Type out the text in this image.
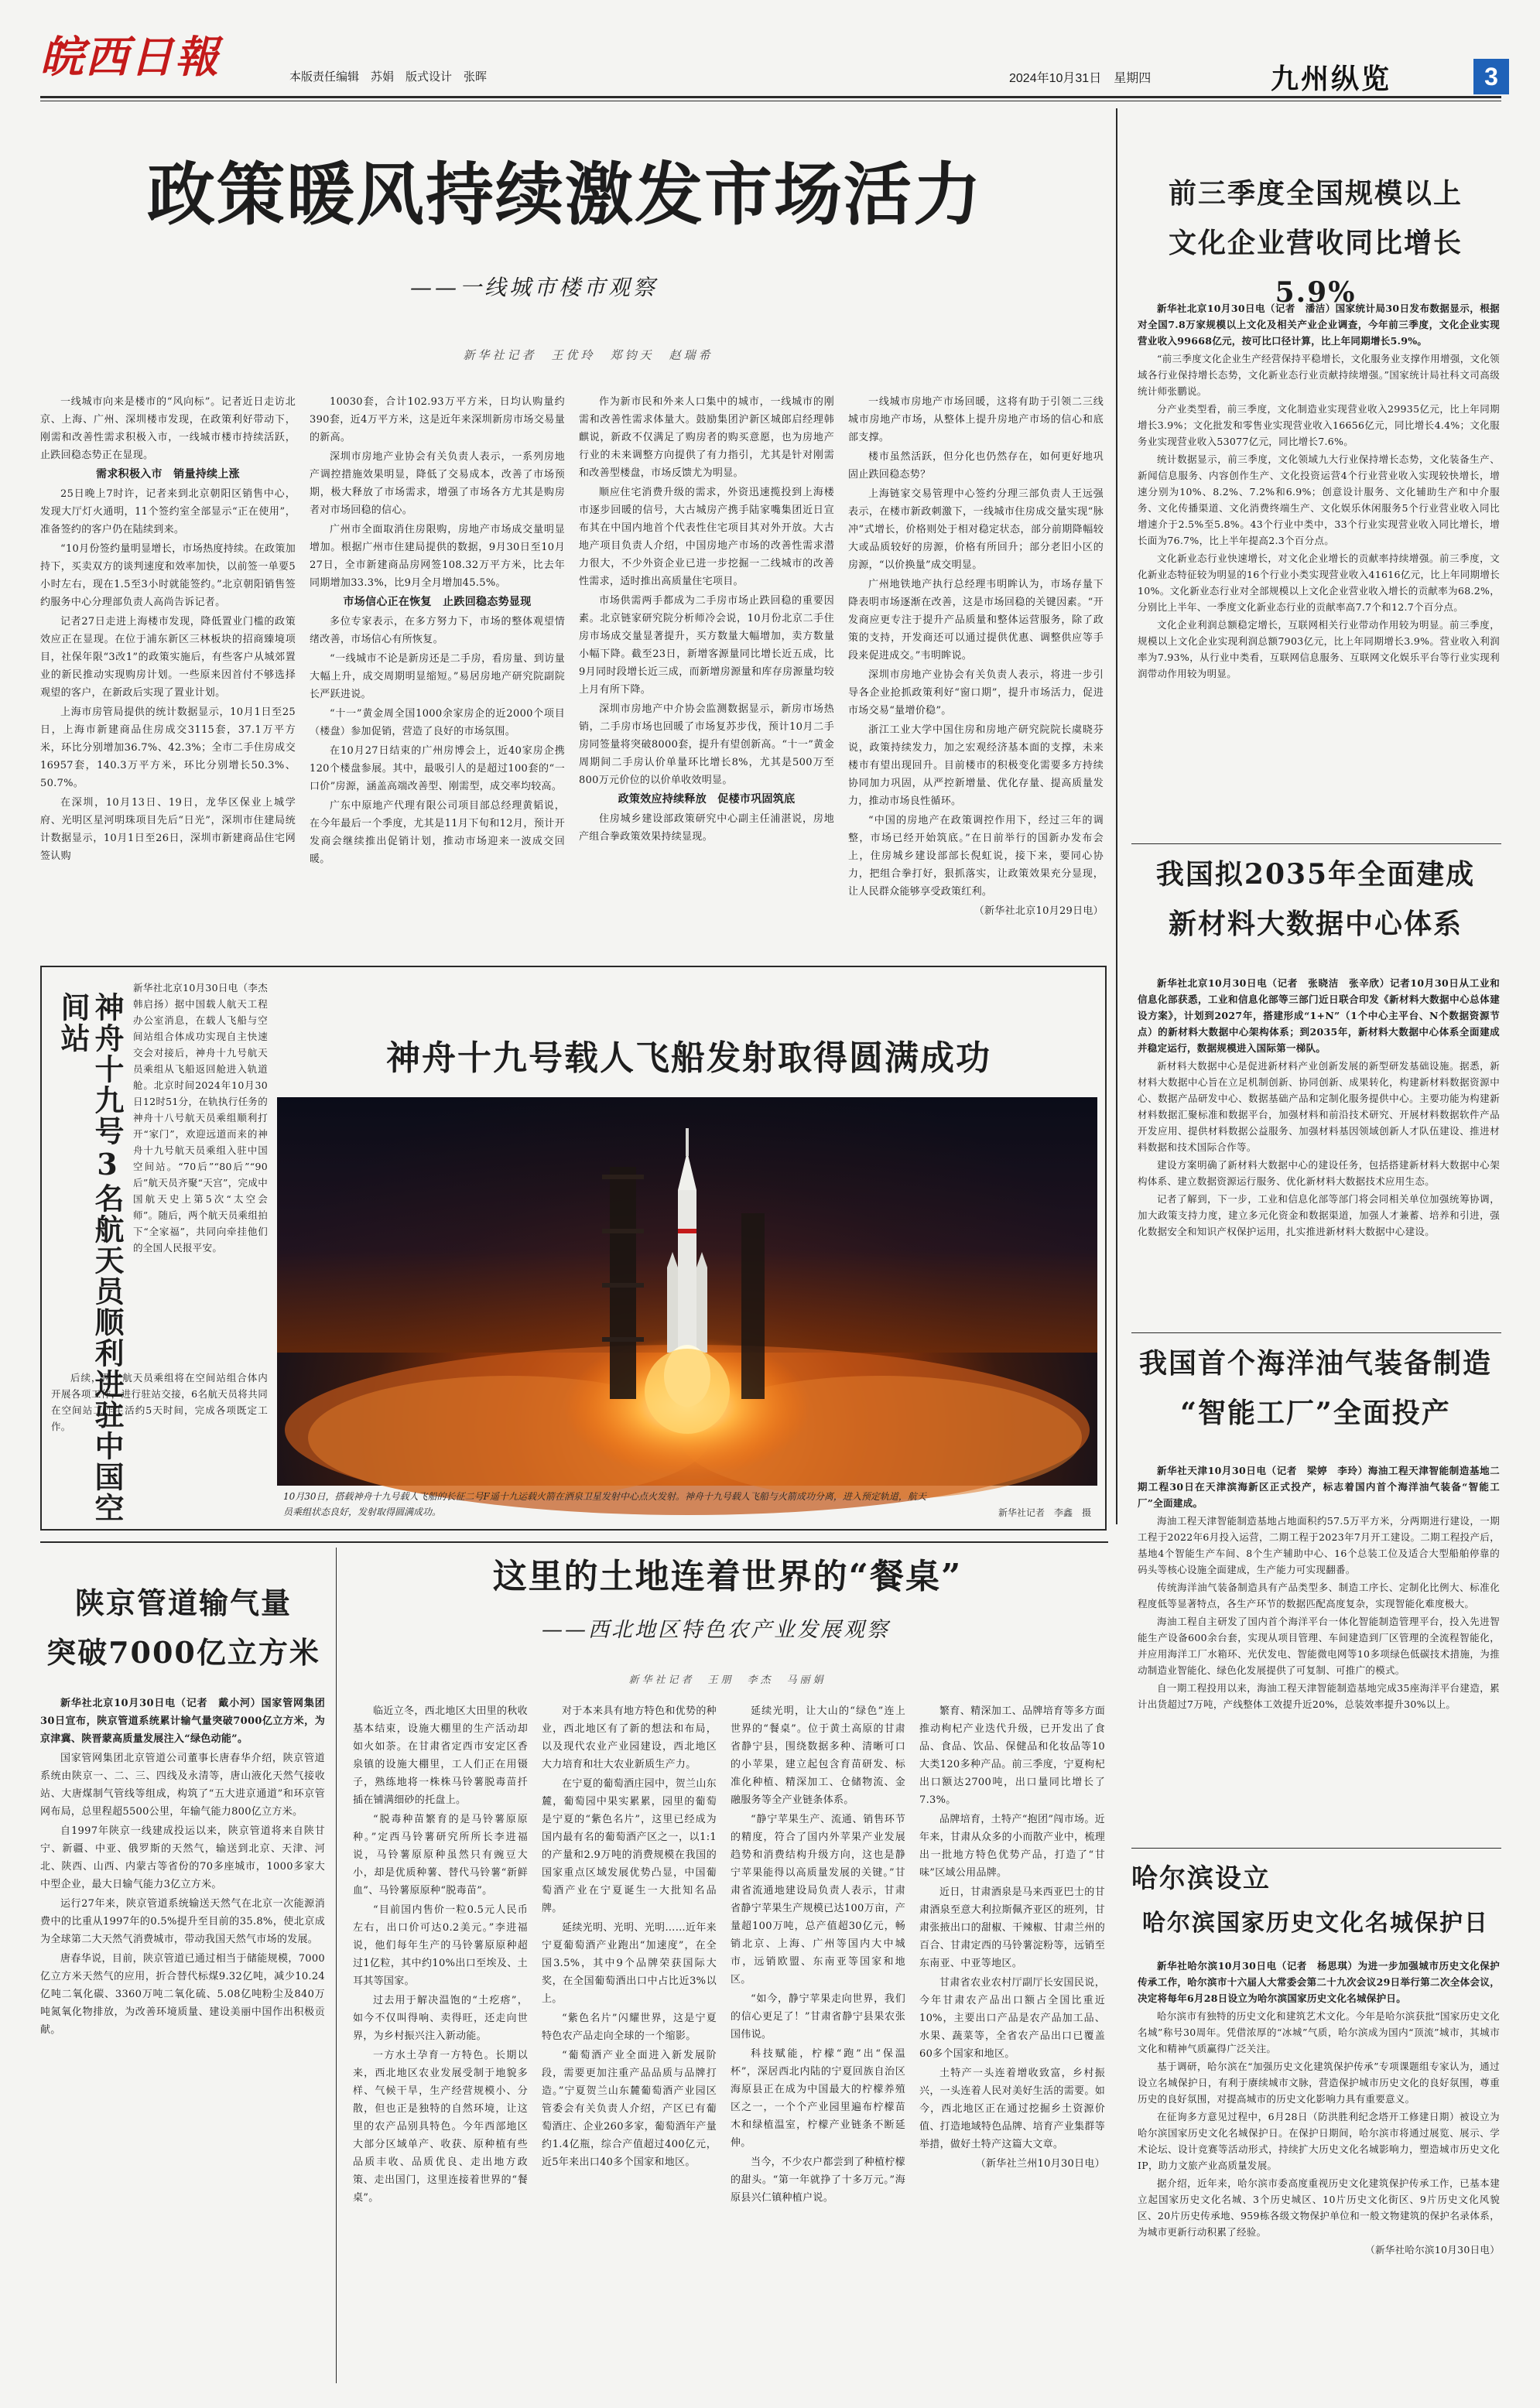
皖西日報	本版责任编辑　苏娟　版式设计　张晖	2024年10月31日　星期四	九州纵览	3
政策暖风持续激发市场活力
——一线城市楼市观察
新华社记者　王优玲　郑钧天　赵瑞希

一线城市向来是楼市的“风向标”。记者近日走访北京、上海、广州、深圳楼市发现，在政策利好带动下，刚需和改善性需求积极入市，一线城市楼市持续活跃，止跌回稳态势正在显现。

需求积极入市　销量持续上涨

25日晚上7时许，记者来到北京朝阳区销售中心，发现大厅灯火通明，11个签约室全部显示“正在使用”，准备签约的客户仍在陆续到来。

“10月份签约量明显增长，市场热度持续。在政策加持下，买卖双方的谈判速度和效率加快，以前签一单要5小时左右，现在1.5至3小时就能签约。”北京朝阳销售签约服务中心分理部负责人高尚告诉记者。

记者27日走进上海楼市发现，降低置业门槛的政策效应正在显现。在位于浦东新区三林板块的招商臻境项目，社保年限“3改1”的政策实施后，有些客户从城郊置业的新民推动实现购房计划。一些原来因首付不够选择观望的客户，在新政后实现了置业计划。

上海市房管局提供的统计数据显示，10月1日至25日，上海市新建商品住房成交3115套，37.1万平方米，环比分别增加36.7%、42.3%；全市二手住房成交16957套，140.3万平方米，环比分别增长50.3%、50.7%。

在深圳，10月13日、19日，龙华区保业上城学府、光明区星河明珠项目先后“日光”，深圳市住建局统计数据显示，10月1日至26日，深圳市新建商品住宅网签认购

10030套，合计102.93万平方米，日均认购量约390套，近4万平方米，这是近年来深圳新房市场交易量的新高。

深圳市房地产业协会有关负责人表示，一系列房地产调控措施效果明显，降低了交易成本，改善了市场预期，极大释放了市场需求，增强了市场各方尤其是购房者对市场回稳的信心。

广州市全面取消住房限购，房地产市场成交量明显增加。根据广州市住建局提供的数据，9月30日至10月27日，全市新建商品房网签108.32万平方米，比去年同期增加33.3%，比9月全月增加45.5%。

市场信心正在恢复　止跌回稳态势显现

多位专家表示，在多方努力下，市场的整体观望情绪改善，市场信心有所恢复。

“一线城市不论是新房还是二手房，看房量、到访量大幅上升，成交周期明显缩短。”易居房地产研究院副院长严跃进说。

“十一”黄金周全国1000余家房企的近2000个项目（楼盘）参加促销，营造了良好的市场氛围。

在10月27日结束的广州房博会上，近40家房企携120个楼盘参展。其中，最吸引人的是超过100套的“一口价”房源，涵盖高端改善型、刚需型，成交率均较高。

广东中原地产代理有限公司项目部总经理黄韬说，在今年最后一个季度，尤其是11月下旬和12月，预计开发商会继续推出促销计划，推动市场迎来一波成交回暖。

作为新市民和外来人口集中的城市，一线城市的刚需和改善性需求体量大。鼓励集团沪新区城郎启经理韩麒说，新政不仅满足了购房者的购买意愿，也为房地产行业的未来调整方向提供了有力指引，尤其是针对刚需和改善型楼盘，市场反馈尤为明显。

顺应住宅消费升级的需求，外资迅速揽投到上海楼市逐步回暖的信号，大古城房产携手陆家嘴集团近日宣布其在中国内地首个代表性住宅项目其对外开放。大古地产项目负责人介绍，中国房地产市场的改善性需求潜力很大，不少外资企业已进一步挖掘一二线城市的改善性需求，适时推出高质量住宅项目。

市场供需两手都成为二手房市场止跌回稳的重要因素。北京链家研究院分析师冷会说，10月份北京二手住房市场成交量显著提升，买方数量大幅增加，卖方数量小幅下降。截至23日，新增客源量同比增长近五成，比9月同时段增长近三成，而新增房源量和库存房源量均较上月有所下降。

深圳市房地产中介协会监测数据显示，新房市场热销，二手房市场也回暖了市场复苏步伐，预计10月二手房同签量将突破8000套，提升有望创新高。“十一”黄金周期间二手房认价单量环比增长8%，尤其是500万至800万元价位的以价单收效明显。

政策效应持续释放　促楼市巩固筑底

住房城乡建设部政策研究中心副主任浦湛说，房地产组合拳政策效果持续显现。

一线城市房地产市场回暖，这将有助于引领二三线城市房地产市场，从整体上提升房地产市场的信心和底部支撑。

楼市虽然活跃，但分化也仍然存在，如何更好地巩固止跌回稳态势？

上海链家交易管理中心签约分理三部负责人王远强表示，在楼市新政刺激下，一线城市住房成交量实现“脉冲”式增长，价格则处于相对稳定状态，部分前期降幅较大或品质较好的房源，价格有所回升；部分老旧小区的房源，“以价换量”成交明显。

广州地铁地产执行总经理韦明眸认为，市场存量下降表明市场逐渐在改善，这是市场回稳的关键因素。“开发商应更专注于提升产品质量和整体运营服务，除了政策的支持，开发商还可以通过提供优惠、调整供应等手段来促进成交。”韦明眸说。

深圳市房地产业协会有关负责人表示，将进一步引导各企业抢抓政策利好“窗口期”，提升市场活力，促进市场交易“量增价稳”。

浙江工业大学中国住房和房地产研究院院长虞晓芬说，政策持续发力，加之宏观经济基本面的支撑，未来楼市有望出现回升。目前楼市的积极变化需要多方持续协同加力巩固，从严控新增量、优化存量、提高质量发力，推动市场良性循环。

“中国的房地产在政策调控作用下，经过三年的调整，市场已经开始筑底。”在日前举行的国新办发布会上，住房城乡建设部部长倪虹说，接下来，要同心协力，把组合拳打好，狠抓落实，让政策效果充分显现，让人民群众能够享受政策红利。

（新华社北京10月29日电）

前三季度全国规模以上
文化企业营收同比增长5.9%

新华社北京10月30日电（记者　潘洁）国家统计局30日发布数据显示，根据对全国7.8万家规模以上文化及相关产业企业调查，今年前三季度，文化企业实现营业收入99668亿元，按可比口径计算，比上年同期增长5.9%。

“前三季度文化企业生产经营保持平稳增长，文化服务业支撑作用增强，文化领域各行业保持增长态势，文化新业态行业贡献持续增强。”国家统计局社科文司高级统计师张鹏说。

分产业类型看，前三季度，文化制造业实现营业收入29935亿元，比上年同期增长3.9%；文化批发和零售业实现营业收入16656亿元，同比增长4.4%；文化服务业实现营业收入53077亿元，同比增长7.6%。

统计数据显示，前三季度，文化领域九大行业保持增长态势，文化装备生产、新闻信息服务、内容创作生产、文化投资运营4个行业营业收入实现较快增长，增速分别为10%、8.2%、7.2%和6.9%；创意设计服务、文化辅助生产和中介服务、文化传播渠道、文化消费终端生产、文化娱乐休闲服务5个行业营业收入同比增速介于2.5%至5.8%。43个行业中类中，33个行业实现营业收入同比增长，增长面为76.7%，比上半年提高2.3个百分点。

文化新业态行业快速增长，对文化企业增长的贡献率持续增强。前三季度，文化新业态特征较为明显的16个行业小类实现营业收入41616亿元，比上年同期增长10%。文化新业态行业对全部规模以上文化企业营业收入增长的贡献率为68.2%，分别比上半年、一季度文化新业态行业的贡献率高7.7个和12.7个百分点。

文化企业利润总额稳定增长，互联网相关行业带动作用较为明显。前三季度，规模以上文化企业实现利润总额7903亿元，比上年同期增长3.9%。营业收入利润率为7.93%，从行业中类看，互联网信息服务、互联网文化娱乐平台等行业实现利润带动作用较为明显。

我国拟2035年全面建成
新材料大数据中心体系

新华社北京10月30日电（记者　张晓洁　张辛欣）记者10月30日从工业和信息化部获悉，工业和信息化部等三部门近日联合印发《新材料大数据中心总体建设方案》，计划到2027年，搭建形成“1+N”（1个中心主平台、N个数据资源节点）的新材料大数据中心架构体系；到2035年，新材料大数据中心体系全面建成并稳定运行，数据规模进入国际第一梯队。

新材料大数据中心是促进新材料产业创新发展的新型研发基础设施。据悉，新材料大数据中心旨在立足机制创新、协同创新、成果转化，构建新材料数据资源中心、数据产品研发中心、数据基础产品和定制化服务提供中心。主要功能为构建新材料数据汇聚标准和数据平台，加强材料和前沿技术研究、开展材料数据软件产品开发应用、提供材料数据公益服务、加强材料基因领域创新人才队伍建设、推进材料数据和技术国际合作等。

建设方案明确了新材料大数据中心的建设任务，包括搭建新材料大数据中心架构体系、建立数据资源运行服务、优化新材料大数据技术应用生态。

记者了解到，下一步，工业和信息化部等部门将会同相关单位加强统筹协调，加大政策支持力度，建立多元化资金和数据渠道，加强人才兼蓄、培养和引进，强化数据安全和知识产权保护运用，扎实推进新材料大数据中心建设。

我国首个海洋油气装备制造
“智能工厂”全面投产

新华社天津10月30日电（记者　梁婷　李玲）海油工程天津智能制造基地二期工程30日在天津滨海新区正式投产，标志着国内首个海洋油气装备“智能工厂”全面建成。

海油工程天津智能制造基地占地面积约57.5万平方米，分两期进行建设，一期工程于2022年6月投入运营，二期工程于2023年7月开工建设。二期工程投产后，基地4个智能生产车间、8个生产辅助中心、16个总装工位及适合大型船舶停靠的码头等核心设施全面建成，生产能力可实现翻番。

传统海洋油气装备制造具有产品类型多、制造工序长、定制化比例大、标准化程度低等显著特点，各生产环节的数据匹配高度复杂，实现智能化难度极大。

海油工程自主研发了国内首个海洋平台一体化智能制造管理平台，投入先进智能生产设备600余台套，实现从项目管理、车间建造到厂区管理的全流程智能化，并应用海洋工厂水箱环、光伏发电、智能微电网等10多项绿色低碳技术措施，为推动制造业智能化、绿色化发展提供了可复制、可推广的模式。

自一期工程投用以来，海油工程天津智能制造基地完成35座海洋平台建造，累计出货超过7万吨，产线整体工效提升近20%，总装效率提升30%以上。

哈尔滨设立
哈尔滨国家历史文化名城保护日

新华社哈尔滨10月30日电（记者　杨思琪）为进一步加强城市历史文化保护传承工作，哈尔滨市十六届人大常委会第二十九次会议29日举行第二次全体会议，决定将每年6月28日设立为哈尔滨国家历史文化名城保护日。

哈尔滨市有独特的历史文化和建筑艺术文化。今年是哈尔滨获批“国家历史文化名城”称号30周年。凭借浓厚的“冰城”气质，哈尔滨成为国内“顶流”城市，其城市文化和精神气质赢得广泛关注。

基于调研，哈尔滨在“加强历史文化建筑保护传承”专项课题组专家认为，通过设立名城保护日，有利于赓续城市文脉，营造保护城市历史文化的良好氛围，尊重历史的良好氛围，对提高城市的历史文化影响力具有重要意义。

在征询多方意见过程中，6月28日（防洪胜利纪念塔开工修建日期）被设立为哈尔滨国家历史文化名城保护日。在保护日期间，哈尔滨市将通过展览、展示、学术论坛、设计竞赛等活动形式，持续扩大历史文化名城影响力，塑造城市历史文化IP，助力文旅产业高质量发展。

据介绍，近年来，哈尔滨市委高度重视历史文化建筑保护传承工作，已基本建立起国家历史文化名城、3个历史城区、10片历史文化街区、9片历史文化风貌区、20片历史传承地、959栋各级文物保护单位和一般文物建筑的保护名录体系，为城市更新行动积累了经验。

（新华社哈尔滨10月30日电）

神舟十九号3名航天员顺利进驻中国空间站

新华社北京10月30日电（李杰　韩启扬）据中国载人航天工程办公室消息，在载人飞船与空间站组合体成功实现自主快速交会对接后，神舟十九号航天员乘组从飞船返回舱进入轨道舱。北京时间2024年10月30日12时51分，在轨执行任务的神舟十八号航天员乘组顺利打开“家门”，欢迎远道而来的神舟十九号航天员乘组入驻中国空间站。“70后”“80后”“90后”航天员齐聚“天宫”，完成中国航天史上第5次“太空会师”。随后，两个航天员乘组拍下“全家福”，共同向牵挂他们的全国人民报平安。

后续，两个航天员乘组将在空间站组合体内开展各项工作，进行驻站交接，6名航天员将共同在空间站工作生活约5天时间，完成各项既定工作。

神舟十九号载人飞船发射取得圆满成功
10月30日，搭载神舟十九号载人飞船的长征二号F遥十九运载火箭在酒泉卫星发射中心点火发射。神舟十九号载人飞船与火箭成功分离，进入预定轨道，航天员乘组状态良好，发射取得圆满成功。	新华社记者　李鑫　摄
陕京管道输气量
突破7000亿立方米

新华社北京10月30日电（记者　戴小河）国家管网集团30日宣布，陕京管道系统累计输气量突破7000亿立方米，为京津冀、陕晋蒙高质量发展注入“绿色动能”。

国家管网集团北京管道公司董事长唐春华介绍，陕京管道系统由陕京一、二、三、四线及永清等，唐山液化天然气接收站、大唐煤制气管线等组成，构筑了“五大进京通道”和环京管网布局，总里程超5500公里，年输气能力800亿立方米。

自1997年陕京一线建成投运以来，陕京管道将来自陕甘宁、新疆、中亚、俄罗斯的天然气，输送到北京、天津、河北、陕西、山西、内蒙古等省份的70多座城市，1000多家大中型企业，最大日输气能力3亿立方米。

运行27年来，陕京管道系统输送天然气在北京一次能源消费中的比重从1997年的0.5%提升至目前的35.8%，使北京成为全球第二大天然气消费城市，带动我国天然气市场的发展。

唐春华说，目前，陕京管道已通过相当于储能规模，7000亿立方米天然气的应用，折合替代标煤9.32亿吨，减少10.24亿吨二氧化碳、3360万吨二氧化硫、5.08亿吨粉尘及840万吨氮氧化物排放，为改善环境质量、建设美丽中国作出积极贡献。

这里的土地连着世界的“餐桌”
——西北地区特色农产业发展观察
新华社记者　王朋　李杰　马丽娟

临近立冬，西北地区大田里的秋收基本结束，设施大棚里的生产活动却如火如荼。在甘肃省定西市安定区香泉镇的设施大棚里，工人们正在用镊子，熟练地将一株株马铃薯脱毒苗扦插在铺满细砂的托盘上。

“脱毒种苗繁育的是马铃薯原原种。”定西马铃薯研究所所长李进福说，马铃薯原原种虽然只有豌豆大小，却是优质种薯、替代马铃薯“新鲜血”、马铃薯原原种“脱毒苗”。

“目前国内售价一粒0.5元人民币左右，出口价可达0.2美元。”李进福说，他们每年生产的马铃薯原原种超过1亿粒，其中约10%出口至埃及、土耳其等国家。

过去用于解决温饱的“土疙瘩”，如今不仅叫得响、卖得旺，还走向世界，为乡村振兴注入新动能。

一方水土孕育一方特色。长期以来，西北地区农业发展受制于地貌多样、气候干旱，生产经营规模小、分散，但也正是独特的自然环境，让这里的农产品别具特色。今年西部地区大部分区域单产、收获、原种植有些品质丰收、品质优良、走出地方政策、走出国门，这里连接着世界的“餐桌”。

对于本来具有地方特色和优势的种业，西北地区有了新的想法和布局，以及现代农业产业园建设，西北地区大力培育和壮大农业新质生产力。

在宁夏的葡萄酒庄园中，贺兰山东麓，葡萄园中果实累累，园里的葡萄是宁夏的“紫色名片”，这里已经成为国内最有名的葡萄酒产区之一，以1:1的产量和2.9万吨的消费规模在我国的国家重点区域发展优势凸显，中国葡萄酒产业在宁夏诞生一大批知名品牌。

延续光明、光明、光明……近年来宁夏葡萄酒产业跑出“加速度”，在全国3.5%，其中9个品牌荣获国际大奖，在全国葡萄酒出口中占比近3%以上。

“紫色名片”闪耀世界，这是宁夏特色农产品走向全球的一个缩影。

“葡萄酒产业全面进入新发展阶段，需要更加注重产品品质与品牌打造。”宁夏贺兰山东麓葡萄酒产业园区管委会有关负责人介绍，产区已有葡萄酒庄、企业260多家，葡萄酒年产量约1.4亿瓶，综合产值超过400亿元，近5年来出口40多个国家和地区。

延续光明，让大山的“绿色”连上世界的“餐桌”。位于黄土高原的甘肃省静宁县，围绕数据多种、清晰可口的小苹果，建立起包含育苗研发、标准化种植、精深加工、仓储物流、金融服务等全产业链条体系。

“静宁苹果生产、流通、销售环节的精度，符合了国内外苹果产业发展趋势和消费结构升级方向，这也是静宁苹果能得以高质量发展的关键。”甘肃省流通地建设局负责人表示，甘肃省静宁苹果生产规模已达100万亩，产量超100万吨，总产值超30亿元，畅销北京、上海、广州等国内大中城市，远销欧盟、东南亚等国家和地区。

“如今，静宁苹果走向世界，我们的信心更足了！”甘肃省静宁县果农张国伟说。

科技赋能，柠檬“跑”出“保温杯”，深居西北内陆的宁夏回族自治区海原县正在成为中国最大的柠檬养殖区之一，一个个产业园里遍布柠檬苗木和绿植温室，柠檬产业链条不断延伸。

当今，不少农户都尝到了种植柠檬的甜头。“第一年就挣了十多万元。”海原县兴仁镇种植户说。

繁育、精深加工、品牌培育等多方面推动枸杞产业迭代升级，已开发出了食品、食品、饮品、保健品和化妆品等10大类120多种产品。前三季度，宁夏枸杞出口额达2700吨，出口量同比增长了7.3%。

品牌培育，土特产“抱团”闯市场。近年来，甘肃从众多的小而散产业中，梳理出一批地方特色优势产品，打造了“甘味”区域公用品牌。

近日，甘肃酒泉是马来西亚巴士的甘肃酒泉至意大利拉斯佩齐亚区的班列，甘肃张掖出口的甜椒、干辣椒、甘肃兰州的百合、甘肃定西的马铃薯淀粉等，远销至东南亚、中亚等地区。

甘肃省农业农村厅副厅长安国民说，今年甘肃农产品出口额占全国比重近10%，主要出口产品是农产品加工品、水果、蔬菜等，全省农产品出口已覆盖60多个国家和地区。

土特产一头连着增收致富，乡村振兴，一头连着人民对美好生活的需要。如今，西北地区正在通过挖掘乡土资源价值、打造地域特色品牌、培育产业集群等举措，做好土特产这篇大文章。

（新华社兰州10月30日电）
